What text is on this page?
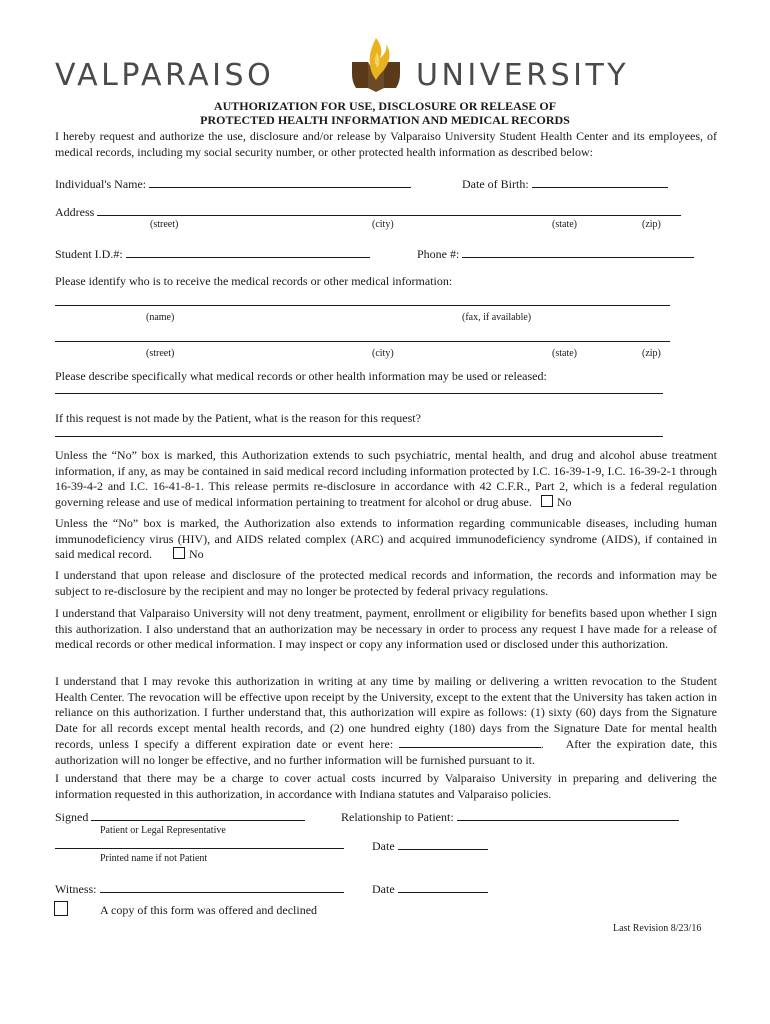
VALPARAISO	UNIVERSITY
AUTHORIZATION FOR USE, DISCLOSURE OR RELEASE OF
PROTECTED HEALTH INFORMATION AND MEDICAL RECORDS
I hereby request and authorize the use, disclosure and/or release by Valparaiso University Student Health Center and its employees, of medical records, including my social security number, or other protected health information as described below:
Individual's Name:	Date of Birth:
Address
(street)	(city)	(state)	(zip)
Student I.D.#:	Phone #:
Please identify who is to receive the medical records or other medical information:
(name)	(fax, if available)
(street)	(city)	(state)	(zip)
Please describe specifically what medical records or other health information may be used or released:
If this request is not made by the Patient, what is the reason for this request?
Unless the “No” box is marked, this Authorization extends to such psychiatric, mental health, and drug and alcohol abuse treatment information, if any, as may be contained in said medical record including information protected by I.C. 16-39-1-9, I.C. 16-39-2-1 through 16-39-4-2 and I.C. 16-41-8-1. This release permits re-disclosure in accordance with 42 C.F.R., Part 2, which is a federal regulation governing release and use of medical information pertaining to treatment for alcohol or drug abuse. No
Unless the “No” box is marked, the Authorization also extends to information regarding communicable diseases, including human immunodeficiency virus (HIV), and AIDS related complex (ARC) and acquired immunodeficiency syndrome (AIDS), if contained in said medical record.	No
I understand that upon release and disclosure of the protected medical records and information, the records and information may be subject to re-disclosure by the recipient and may no longer be protected by federal privacy regulations.
I understand that Valparaiso University will not deny treatment, payment, enrollment or eligibility for benefits based upon whether I sign this authorization. I also understand that an authorization may be necessary in order to process any request I have made for a release of medical records or other medical information. I may inspect or copy any information used or disclosed under this authorization.
I understand that I may revoke this authorization in writing at any time by mailing or delivering a written revocation to the Student Health Center. The revocation will be effective upon receipt by the University, except to the extent that the University has taken action in reliance on this authorization. I further understand that, this authorization will expire as follows: (1) sixty (60) days from the Signature Date for all records except mental health records, and (2) one hundred eighty (180) days from the Signature Date for mental health records, unless I specify a different expiration date or event here:	.    After the expiration date, this authorization will no longer be effective, and no further information will be furnished pursuant to it.
I understand that there may be a charge to cover actual costs incurred by Valparaiso University in preparing and delivering the information requested in this authorization, in accordance with Indiana statutes and Valparaiso policies.
Signed	Relationship to Patient:
Patient or Legal Representative
Date
Printed name if not Patient
Witness:	Date
A copy of this form was offered and declined
Last Revision 8/23/16
